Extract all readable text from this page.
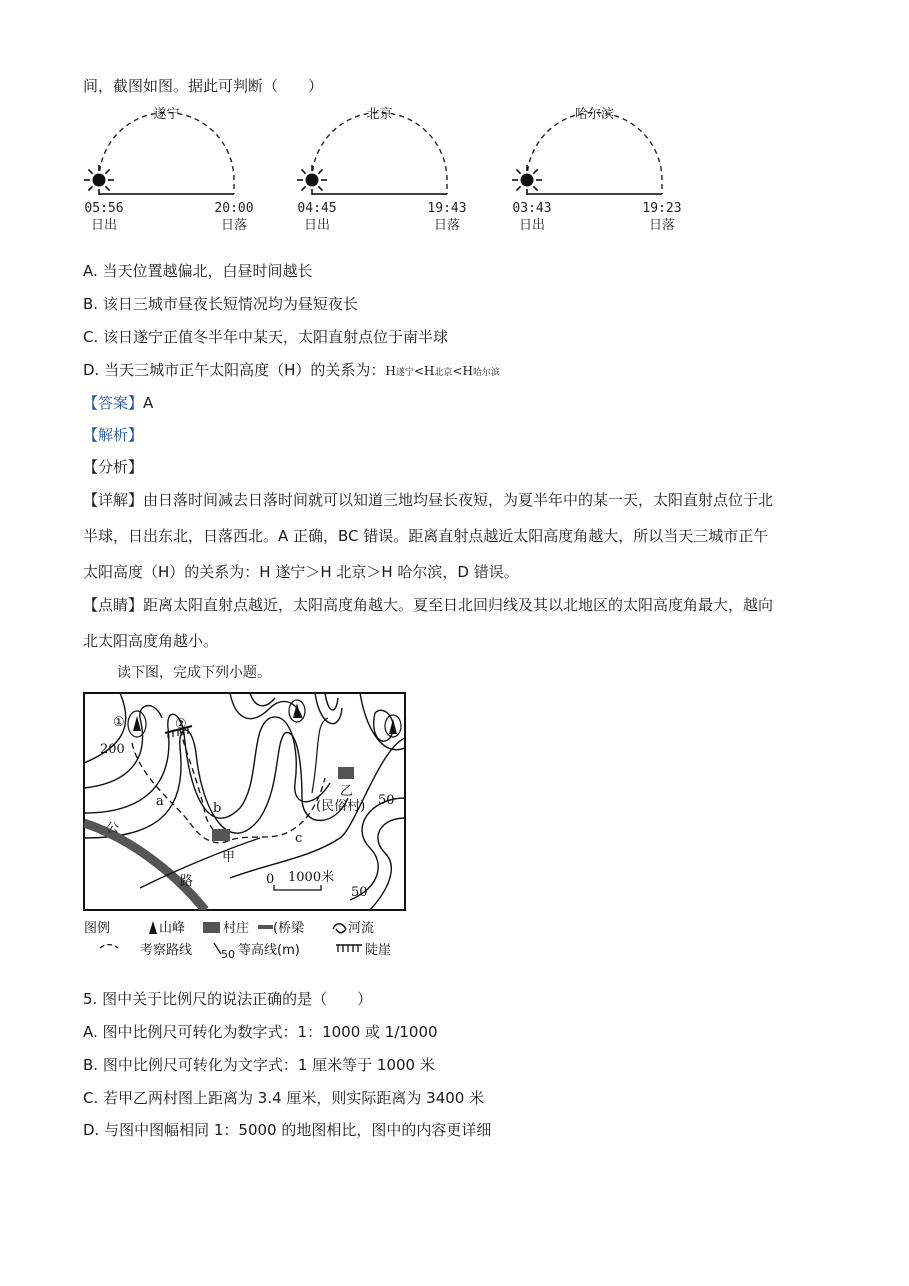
间，截图如图。据此可判断（　　）
遂宁
05:56
日出
20:00
日落
北京
04:45
日出
19:43
日落
哈尔滨
03:43
日出
19:23
日落
A. 当天位置越偏北，白昼时间越长
B. 该日三城市昼夜长短情况均为昼短夜长
C. 该日遂宁正值冬半年中某天，太阳直射点位于南半球
D. 当天三城市正午太阳高度（H）的关系为：H遂宁<H北京<H哈尔滨
【答案】A
【解析】
【分析】
【详解】由日落时间减去日落时间就可以知道三地均昼长夜短，为夏半年中的某一天，太阳直射点位于北
半球，日出东北，日落西北。A 正确，BC 错误。距离直射点越近太阳高度角越大，所以当天三城市正午
太阳高度（H）的关系为：H 遂宁＞H 北京＞H 哈尔滨，D 错误。
【点睛】距离太阳直射点越近，太阳高度角越大。夏至日北回归线及其以北地区的太阳高度角最大，越向
北太阳高度角越小。
读下图，完成下列小题。
①	②
200
50
50
a	b
c
甲
乙
(民俗村)
公
路	0 1000米
图例	山峰	村庄 (桥梁	河流
考察路线	50 等高线(m)	陡崖
5. 图中关于比例尺的说法正确的是（　　）
A. 图中比例尺可转化为数字式：1：1000 或 1/1000
B. 图中比例尺可转化为文字式：1 厘米等于 1000 米
C. 若甲乙两村图上距离为 3.4 厘米，则实际距离为 3400 米
D. 与图中图幅相同 1：5000 的地图相比，图中的内容更详细
